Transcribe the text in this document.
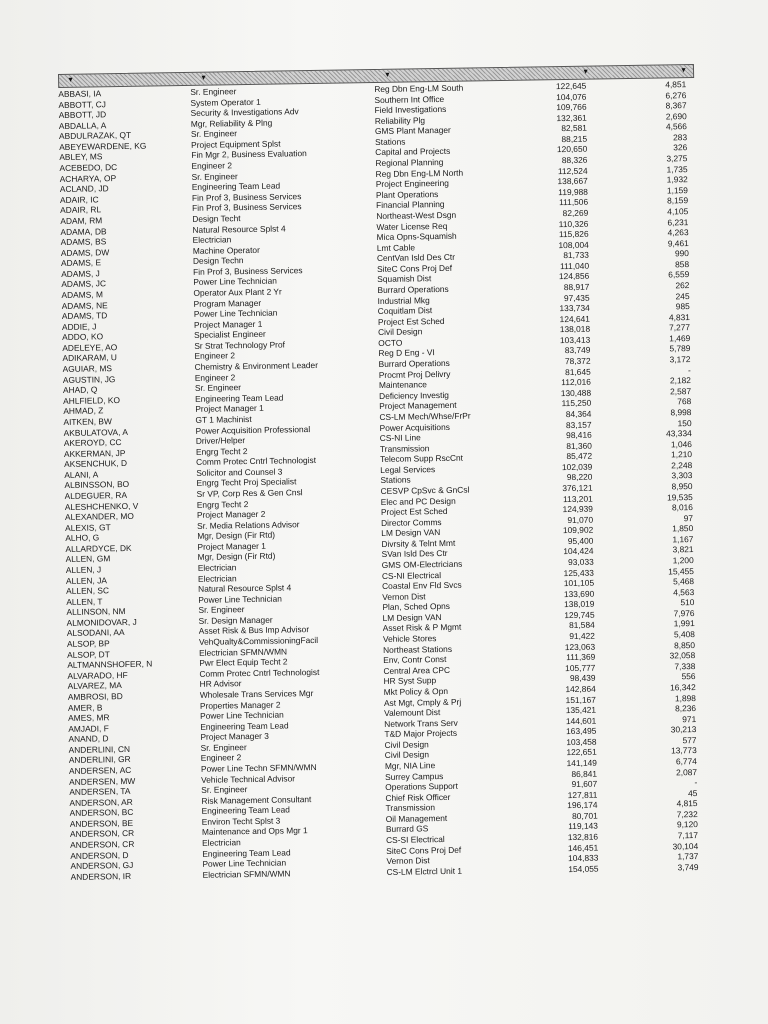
▼	▼	▼	▼	▼
ABBASI, IA	Sr. Engineer	Reg Dbn Eng-LM South	122,645	4,851
ABBOTT, CJ	System Operator 1	Southern Int Office	104,076	6,276
ABBOTT, JD	Security & Investigations Adv	Field Investigations	109,766	8,367
ABDALLA, A	Mgr, Reliability & Plng	Reliability Plg	132,361	2,690
ABDULRAZAK, QT	Sr. Engineer	GMS Plant Manager	82,581	4,566
ABEYEWARDENE, KG	Project Equipment Splst	Stations	88,215	283
ABLEY, MS	Fin Mgr 2, Business Evaluation	Capital and Projects	120,650	326
ACEBEDO, DC	Engineer 2	Regional Planning	88,326	3,275
ACHARYA, OP	Sr. Engineer	Reg Dbn Eng-LM North	112,524	1,735
ACLAND, JD	Engineering Team Lead	Project Engineering	138,667	1,932
ADAIR, IC	Fin Prof 3, Business Services	Plant Operations	119,988	1,159
ADAIR, RL	Fin Prof 3, Business Services	Financial Planning	111,506	8,159
ADAM, RM	Design Techt	Northeast-West Dsgn	82,269	4,105
ADAMA, DB	Natural Resource Splst 4	Water License Req	110,326	6,231
ADAMS, BS	Electrician	Mica Opns-Squamish	115,826	4,263
ADAMS, DW	Machine Operator	Lmt Cable	108,004	9,461
ADAMS, E	Design Techn	CentVan Isld Des Ctr	81,733	990
ADAMS, J	Fin Prof 3, Business Services	SiteC Cons Proj Def	111,040	858
ADAMS, JC	Power Line Technician	Squamish Dist	124,856	6,559
ADAMS, M	Operator Aux Plant 2 Yr	Burrard Operations	88,917	262
ADAMS, NE	Program Manager	Industrial Mkg	97,435	245
ADAMS, TD	Power Line Technician	Coquitlam Dist	133,734	985
ADDIE, J	Project Manager 1	Project Est Sched	124,641	4,831
ADDO, KO	Specialist Engineer	Civil Design	138,018	7,277
ADELEYE, AO	Sr Strat Technology Prof	OCTO	103,413	1,469
ADIKARAM, U	Engineer 2	Reg D Eng - VI	83,749	5,789
AGUIAR, MS	Chemistry & Environment Leader	Burrard Operations	78,372	3,172
AGUSTIN, JG	Engineer 2	Procmt Proj Delivry	81,645	-
AHAD, Q	Sr. Engineer	Maintenance	112,016	2,182
AHLFIELD, KO	Engineering Team Lead	Deficiency Investig	130,488	2,587
AHMAD, Z	Project Manager 1	Project Management	115,250	768
AITKEN, BW	GT 1 Machinist	CS-LM Mech/Whse/FrPr	84,364	8,998
AKBULATOVA, A	Power Acquisition Professional	Power Acquisitions	83,157	150
AKEROYD, CC	Driver/Helper	CS-NI Line	98,416	43,334
AKKERMAN, JP	Engrg Techt 2	Transmission	81,360	1,046
AKSENCHUK, D	Comm Protec Cntrl Technologist	Telecom Supp RscCnt	85,472	1,210
ALANI, A	Solicitor and Counsel 3	Legal Services	102,039	2,248
ALBINSSON, BO	Engrg Techt Proj Specialist	Stations	98,220	3,303
ALDEGUER, RA	Sr VP, Corp Res & Gen Cnsl	CESVP CpSvc & GnCsl	376,121	8,950
ALESHCHENKO, V	Engrg Techt 2	Elec and PC Design	113,201	19,535
ALEXANDER, MO	Project Manager 2	Project Est Sched	124,939	8,016
ALEXIS, GT	Sr. Media Relations Advisor	Director Comms	91,070	97
ALHO, G	Mgr, Design (Fir Rtd)	LM Design VAN	109,902	1,850
ALLARDYCE, DK	Project Manager 1	Divrsity & Telnt Mmt	95,400	1,167
ALLEN, GM	Mgr, Design (Fir Rtd)	SVan Isld Des Ctr	104,424	3,821
ALLEN, J	Electrician	GMS OM-Electricians	93,033	1,200
ALLEN, JA	Electrician	CS-NI Electrical	125,433	15,455
ALLEN, SC	Natural Resource Splst 4	Coastal Env Fld Svcs	101,105	5,468
ALLEN, T	Power Line Technician	Vernon Dist	133,690	4,563
ALLINSON, NM	Sr. Engineer	Plan, Sched Opns	138,019	510
ALMONIDOVAR, J	Sr. Design Manager	LM Design VAN	129,745	7,976
ALSODANI, AA	Asset Risk & Bus Imp Advisor	Asset Risk & P Mgmt	81,584	1,991
ALSOP, BP	VehQualty&CommissioningFacil	Vehicle Stores	91,422	5,408
ALSOP, DT	Electrician SFMN/WMN	Northeast Stations	123,063	8,850
ALTMANNSHOFER, N	Pwr Elect Equip Techt 2	Env, Contr Const	111,369	32,058
ALVARADO, HF	Comm Protec Cntrl Technologist	Central Area CPC	105,777	7,338
ALVAREZ, MA	HR Advisor	HR Syst Supp	98,439	556
AMBROSI, BD	Wholesale Trans Services Mgr	Mkt Policy & Opn	142,864	16,342
AMER, B	Properties Manager 2	Ast Mgt, Cmply & Prj	151,167	1,898
AMES, MR	Power Line Technician	Valemount Dist	135,421	8,236
AMJADI, F	Engineering Team Lead	Network Trans Serv	144,601	971
ANAND, D	Project Manager 3	T&D Major Projects	163,495	30,213
ANDERLINI, CN	Sr. Engineer	Civil Design	103,458	577
ANDERLINI, GR	Engineer 2	Civil Design	122,651	13,773
ANDERSEN, AC	Power Line Techn SFMN/WMN	Mgr, NIA Line	141,149	6,774
ANDERSEN, MW	Vehicle Technical Advisor	Surrey Campus	86,841	2,087
ANDERSEN, TA	Sr. Engineer	Operations Support	91,607	-
ANDERSON, AR	Risk Management Consultant	Chief Risk Officer	127,811	45
ANDERSON, BC	Engineering Team Lead	Transmission	196,174	4,815
ANDERSON, BE	Environ Techt Splst 3	Oil Management	80,701	7,232
ANDERSON, CR	Maintenance and Ops Mgr 1	Burrard GS	119,143	9,120
ANDERSON, CR	Electrician	CS-SI Electrical	132,816	7,117
ANDERSON, D	Engineering Team Lead	SiteC Cons Proj Def	146,451	30,104
ANDERSON, GJ	Power Line Technician	Vernon Dist	104,833	1,737
ANDERSON, IR	Electrician SFMN/WMN	CS-LM Elctrcl Unit 1	154,055	3,749
